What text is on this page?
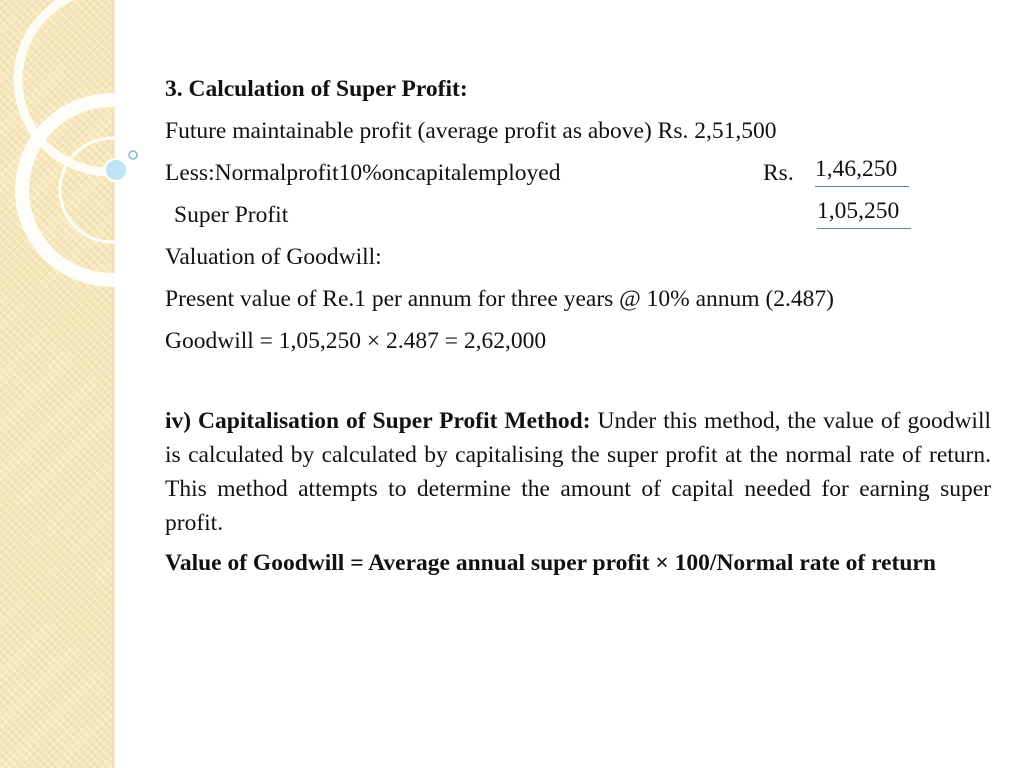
3. Calculation of Super Profit:
Future maintainable profit (average profit as above) Rs. 2,51,500
Less:Normalprofit10%oncapitalemployed	Rs. 1,46,250
Super Profit	1,05,250
Valuation of Goodwill:
Present value of Re.1 per annum for three years @ 10% annum (2.487)
Goodwill = 1,05,250 × 2.487 = 2,62,000
iv) Capitalisation of Super Profit Method: Under this method, the value of goodwill is calculated by calculated by capitalising the super profit at the normal rate of return. This method attempts to determine the amount of capital needed for earning super profit.
Value of Goodwill = Average annual super profit × 100/Normal rate of return
